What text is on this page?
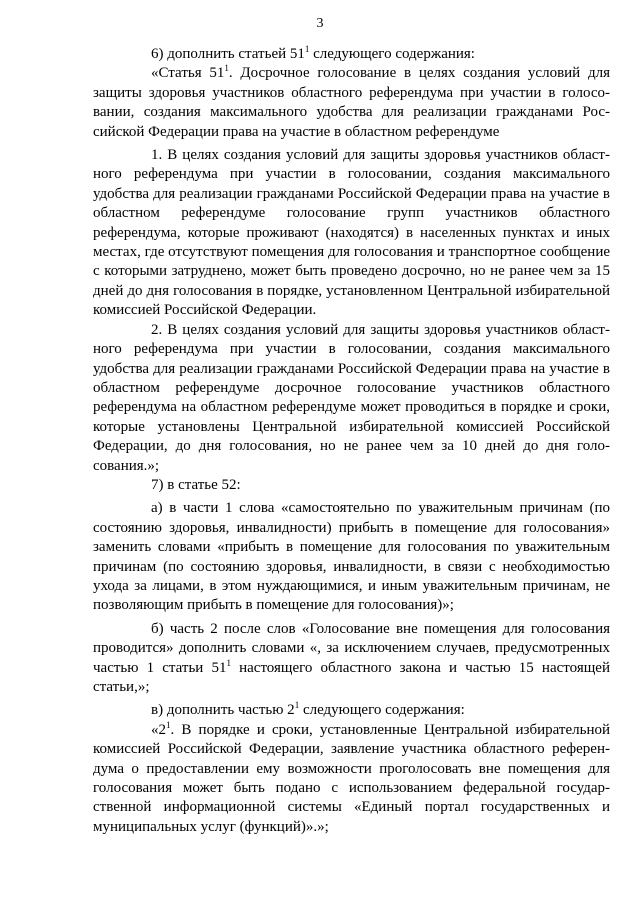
3

6) дополнить статьей $51^1$ следующего содержания:

«Статья $51^1$. Досрочное голосование в целях создания условий для защиты здоровья участников областного референдума при участии в голосовании, создания максимального удобства для реализации гражданами Российской Федерации права на участие в областном референдуме

1. В целях создания условий для защиты здоровья участников областного референдума при участии в голосовании, создания максимального удобства для реализации гражданами Российской Федерации права на участие в областном референдуме голосование групп участников областного референдума, которые проживают (находятся) в населенных пунктах и иных местах, где отсутствуют помещения для голосования и транспортное сообщение с которыми затруднено, может быть проведено досрочно, но не ранее чем за 15 дней до дня голосования в порядке, установленном Центральной избирательной комиссией Российской Федерации.

2. В целях создания условий для защиты здоровья участников областного референдума при участии в голосовании, создания максимального удобства для реализации гражданами Российской Федерации права на участие в областном референдуме досрочное голосование участников областного референдума на областном референдуме может проводиться в порядке и сроки, которые установлены Центральной избирательной комиссией Российской Федерации, до дня голосования, но не ранее чем за 10 дней до дня голосования.»;

7) в статье 52:

а) в части 1 слова «самостоятельно по уважительным причинам (по состоянию здоровья, инвалидности) прибыть в помещение для голосования» заменить словами «прибыть в помещение для голосования по уважительным причинам (по состоянию здоровья, инвалидности, в связи с необходимостью ухода за лицами, в этом нуждающимися, и иным уважительным причинам, не позволяющим прибыть в помещение для голосования)»;

б) часть 2 после слов «Голосование вне помещения для голосования проводится» дополнить словами «, за исключением случаев, предусмотренных частью 1 статьи $51^1$ настоящего областного закона и частью 15 настоящей статьи,»;

в) дополнить частью $2^1$ следующего содержания:

«$2^1$. В порядке и сроки, установленные Центральной избирательной комиссией Российской Федерации, заявление участника областного референдума о предоставлении ему возможности проголосовать вне помещения для голосования может быть подано с использованием федеральной государственной информационной системы «Единый портал государственных и муниципальных услуг (функций)».»;
